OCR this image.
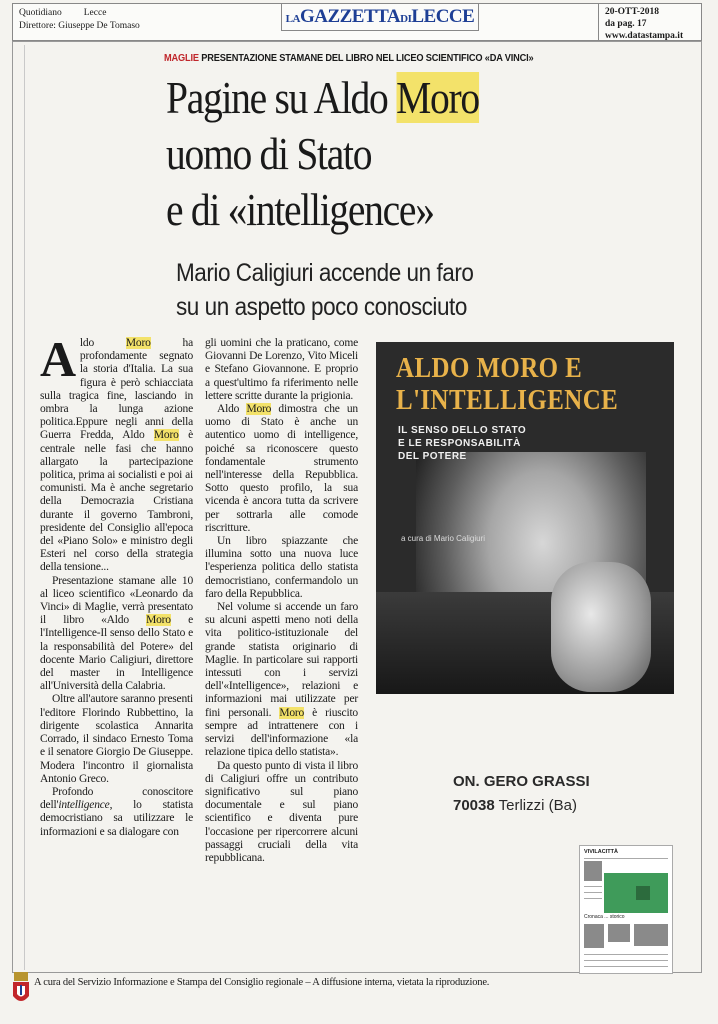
Quotidiano Lecce
Direttore: Giuseppe De Tomaso
LAGAZZETTADILECCE	20-OTT-2018
da pag. 17
www.datastampa.it
MAGLIE PRESENTAZIONE STAMANE DEL LIBRO NEL LICEO SCIENTIFICO «DA VINCI»
Pagine su Aldo Moro
uomo di Stato
e di «intelligence»
Mario Caligiuri accende un faro
su un aspetto poco conosciuto

Aldo Moro ha profondamente segnato la storia d'Italia. La sua figura è però schiacciata sulla tragica fine, lasciando in ombra la lunga azione politica.Eppure negli anni della Guerra Fredda, Aldo Moro è centrale nelle fasi che hanno allargato la partecipazione politica, prima ai socialisti e poi ai comunisti. Ma è anche segretario della Democrazia Cristiana durante il governo Tambroni, presidente del Consiglio all'epoca del «Piano Solo» e ministro degli Esteri nel corso della strategia della tensione...

Presentazione stamane alle 10 al liceo scientifico «Leonardo da Vinci» di Maglie, verrà presentato il libro «Aldo Moro e l'Intelligence-Il senso dello Stato e la responsabilità del Potere» del docente Mario Caligiuri, direttore del master in Intelligence all'Università della Calabria.

Oltre all'autore saranno presenti l'editore Florindo Rubbettino, la dirigente scolastica Annarita Corrado, il sindaco Ernesto Toma e il senatore Giorgio De Giuseppe. Modera l'incontro il giornalista Antonio Greco.

Profondo conoscitore dell'intelligence, lo statista democristiano sa utilizzare le informazioni e sa dialogare con

gli uomini che la praticano, come Giovanni De Lorenzo, Vito Miceli e Stefano Giovannone. E proprio a quest'ultimo fa riferimento nelle lettere scritte durante la prigionia.

Aldo Moro dimostra che un uomo di Stato è anche un autentico uomo di intelligence, poiché sa riconoscere questo fondamentale strumento nell'interesse della Repubblica. Sotto questo profilo, la sua vicenda è ancora tutta da scrivere per sottrarla alle comode riscritture.

Un libro spiazzante che illumina sotto una nuova luce l'esperienza politica dello statista democristiano, confermandolo un faro della Repubblica.

Nel volume si accende un faro su alcuni aspetti meno noti della vita politico-istituzionale del grande statista originario di Maglie. In particolare sui rapporti intessuti con i servizi dell'«Intelligence», relazioni e informazioni mai utilizzate per fini personali. Moro è riuscito sempre ad intrattenere con i servizi dell'informazione «la relazione tipica dello statista».

Da questo punto di vista il libro di Caligiuri offre un contributo significativo sul piano documentale e sul piano scientifico e diventa pure l'occasione per ripercorrere alcuni passaggi cruciali della vita repubblicana.

ALDO MORO E
L'INTELLIGENCE
IL SENSO DELLO STATO
E LE RESPONSABILITÀ
DEL POTERE
a cura di Mario Caligiuri
ON. GERO GRASSI
70038 Terlizzi (Ba)
VIVILACITTÀ
Cronaca ... storico
A cura del Servizio Informazione e Stampa del Consiglio regionale – A diffusione interna, vietata la riproduzione.
